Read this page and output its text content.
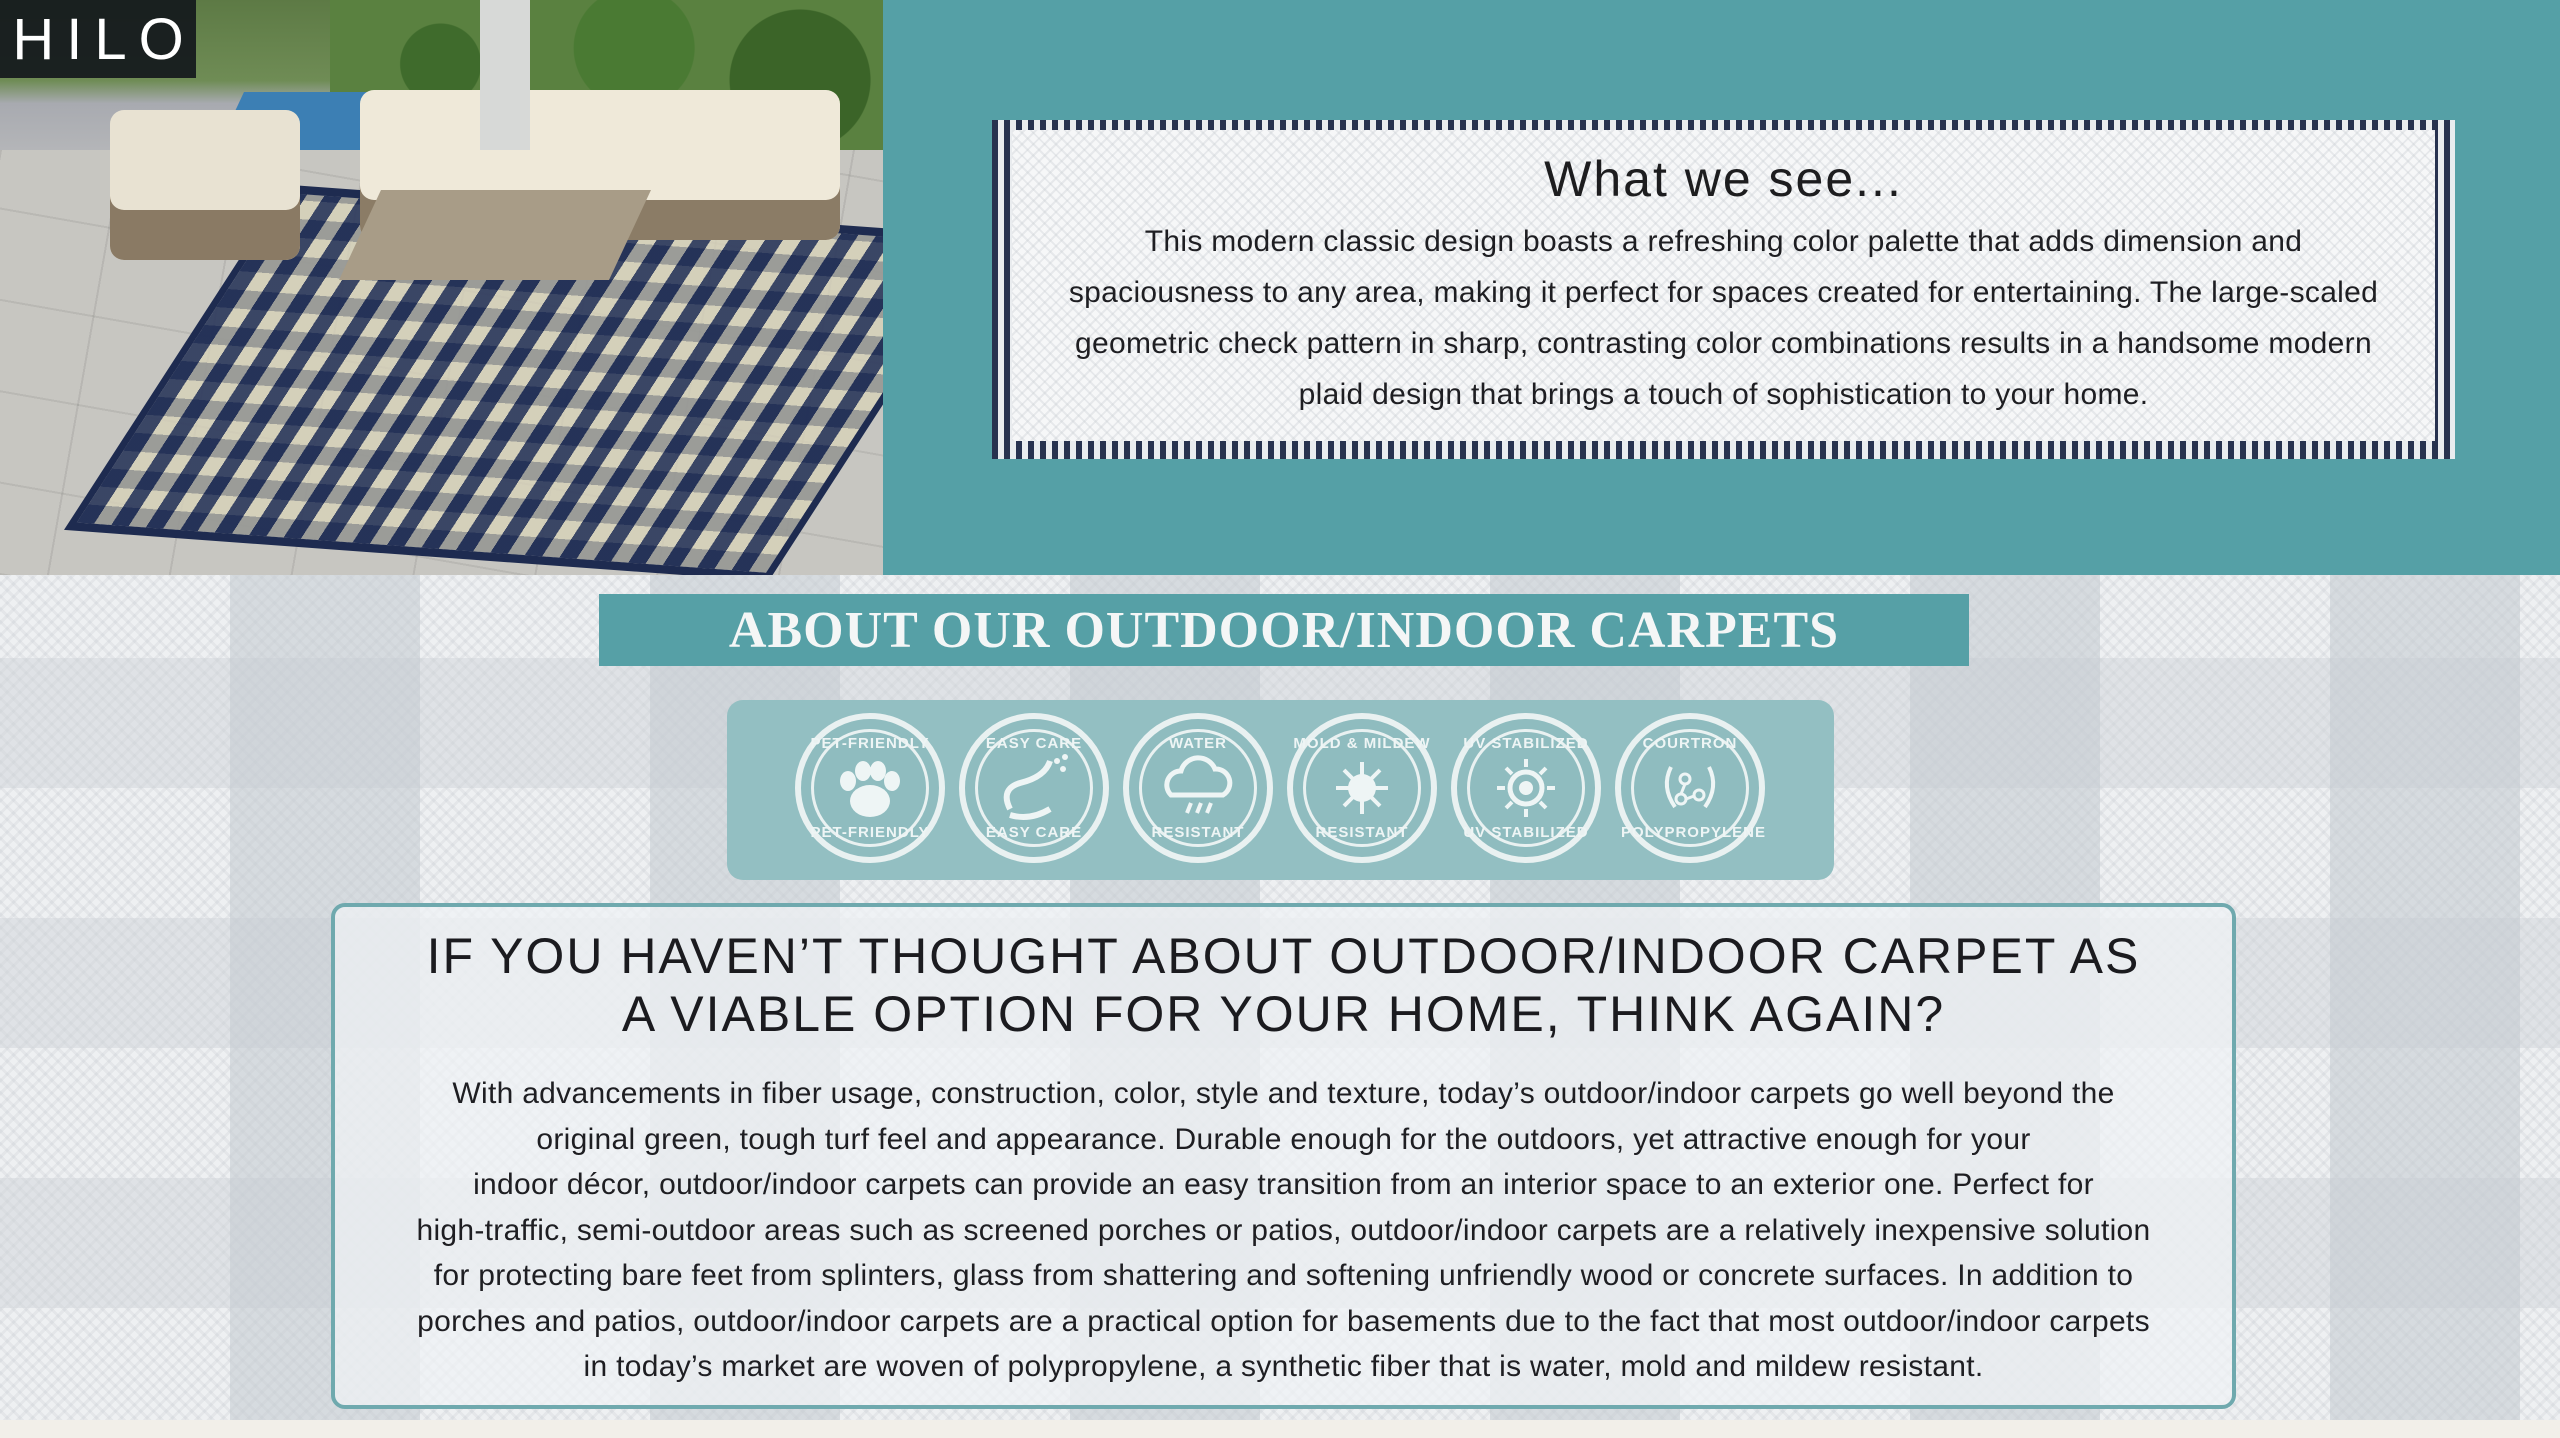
HILO
What we see...

This modern classic design boasts a refreshing color palette that adds dimension and
spaciousness to any area, making it perfect for spaces created for entertaining. The large-scaled
geometric check pattern in sharp, contrasting color combinations results in a handsome modern
plaid design that brings a touch of sophistication to your home.

ABOUT OUR OUTDOOR/INDOOR CARPETS
PET-FRIENDLY
PET-FRIENDLY
EASY CARE
EASY CARE
WATER
RESISTANT
MOLD & MILDEW
RESISTANT
UV STABILIZED
UV STABILIZED
COURTRON
POLYPROPYLENE
IF YOU HAVEN’T THOUGHT ABOUT OUTDOOR/INDOOR CARPET AS
A VIABLE OPTION FOR YOUR HOME, THINK AGAIN?

With advancements in fiber usage, construction, color, style and texture, today’s outdoor/indoor carpets go well beyond the
original green, tough turf feel and appearance. Durable enough for the outdoors, yet attractive enough for your
indoor décor, outdoor/indoor carpets can provide an easy transition from an interior space to an exterior one. Perfect for
high-traffic, semi-outdoor areas such as screened porches or patios, outdoor/indoor carpets are a relatively inexpensive solution
for protecting bare feet from splinters, glass from shattering and softening unfriendly wood or concrete surfaces. In addition to
porches and patios, outdoor/indoor carpets are a practical option for basements due to the fact that most outdoor/indoor carpets
in today’s market are woven of polypropylene, a synthetic fiber that is water, mold and mildew resistant.
